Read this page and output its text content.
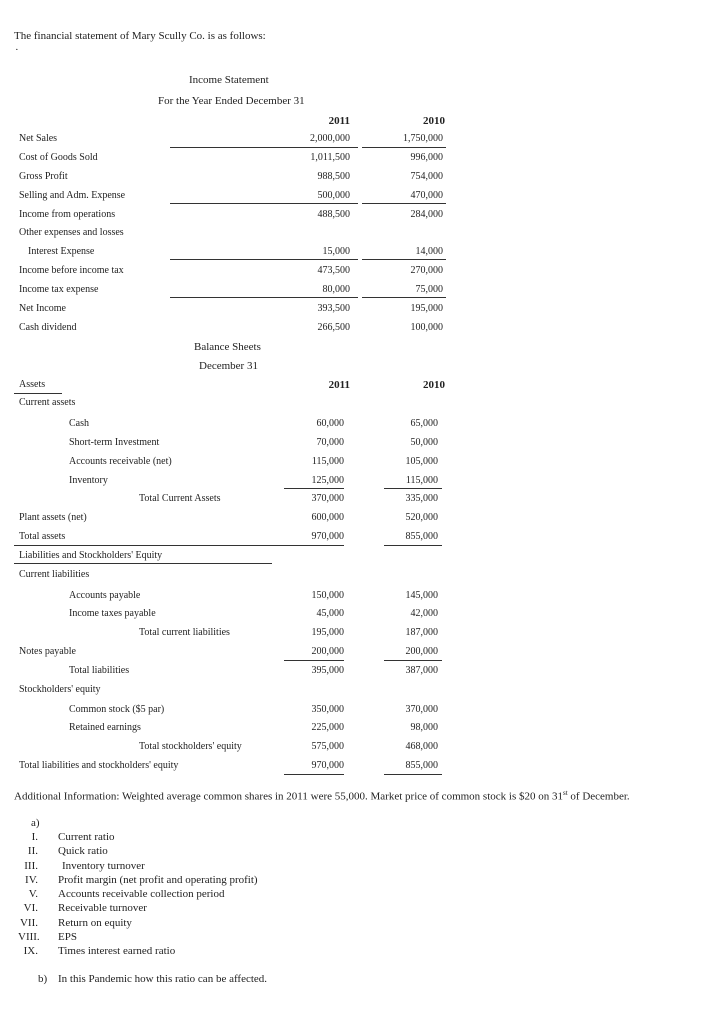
The financial statement of Mary Scully Co. is as follows:
·
Income Statement
For the Year Ended December 31
2011	2010
Net Sales	2,000,000	1,750,000
Cost of Goods Sold	1,011,500	996,000
Gross Profit	988,500	754,000
Selling and Adm. Expense	500,000	470,000
Income from operations	488,500	284,000
Other expenses and losses
Interest Expense	15,000	14,000
Income before income tax	473,500	270,000
Income tax expense	80,000	75,000
Net Income	393,500	195,000
Cash dividend	266,500	100,000
Balance Sheets
December 31
2011	2010
Assets
Current assets
Cash	60,000	65,000
Short-term Investment	70,000	50,000
Accounts receivable (net)	115,000	105,000
Inventory	125,000	115,000
Total Current Assets	370,000	335,000
Plant assets (net)	600,000	520,000
Total assets	970,000	855,000
Liabilities and Stockholders' Equity
Current liabilities
Accounts payable	150,000	145,000
Income taxes payable	45,000	42,000
Total current liabilities	195,000	187,000
Notes payable	200,000	200,000
Total liabilities	395,000	387,000
Stockholders' equity
Common stock ($5 par)	350,000	370,000
Retained earnings	225,000	98,000
Total stockholders' equity	575,000	468,000
Total liabilities and stockholders' equity	970,000	855,000
Additional Information: Weighted average common shares in 2011 were 55,000. Market price of common stock is $20 on 31st of December.
a)
I. Current ratio
II. Quick ratio
III. Inventory turnover
IV. Profit margin (net profit and operating profit)
V. Accounts receivable collection period
VI. Receivable turnover
VII. Return on equity
VIII. EPS
IX. Times interest earned ratio
b) In this Pandemic how this ratio can be affected.
